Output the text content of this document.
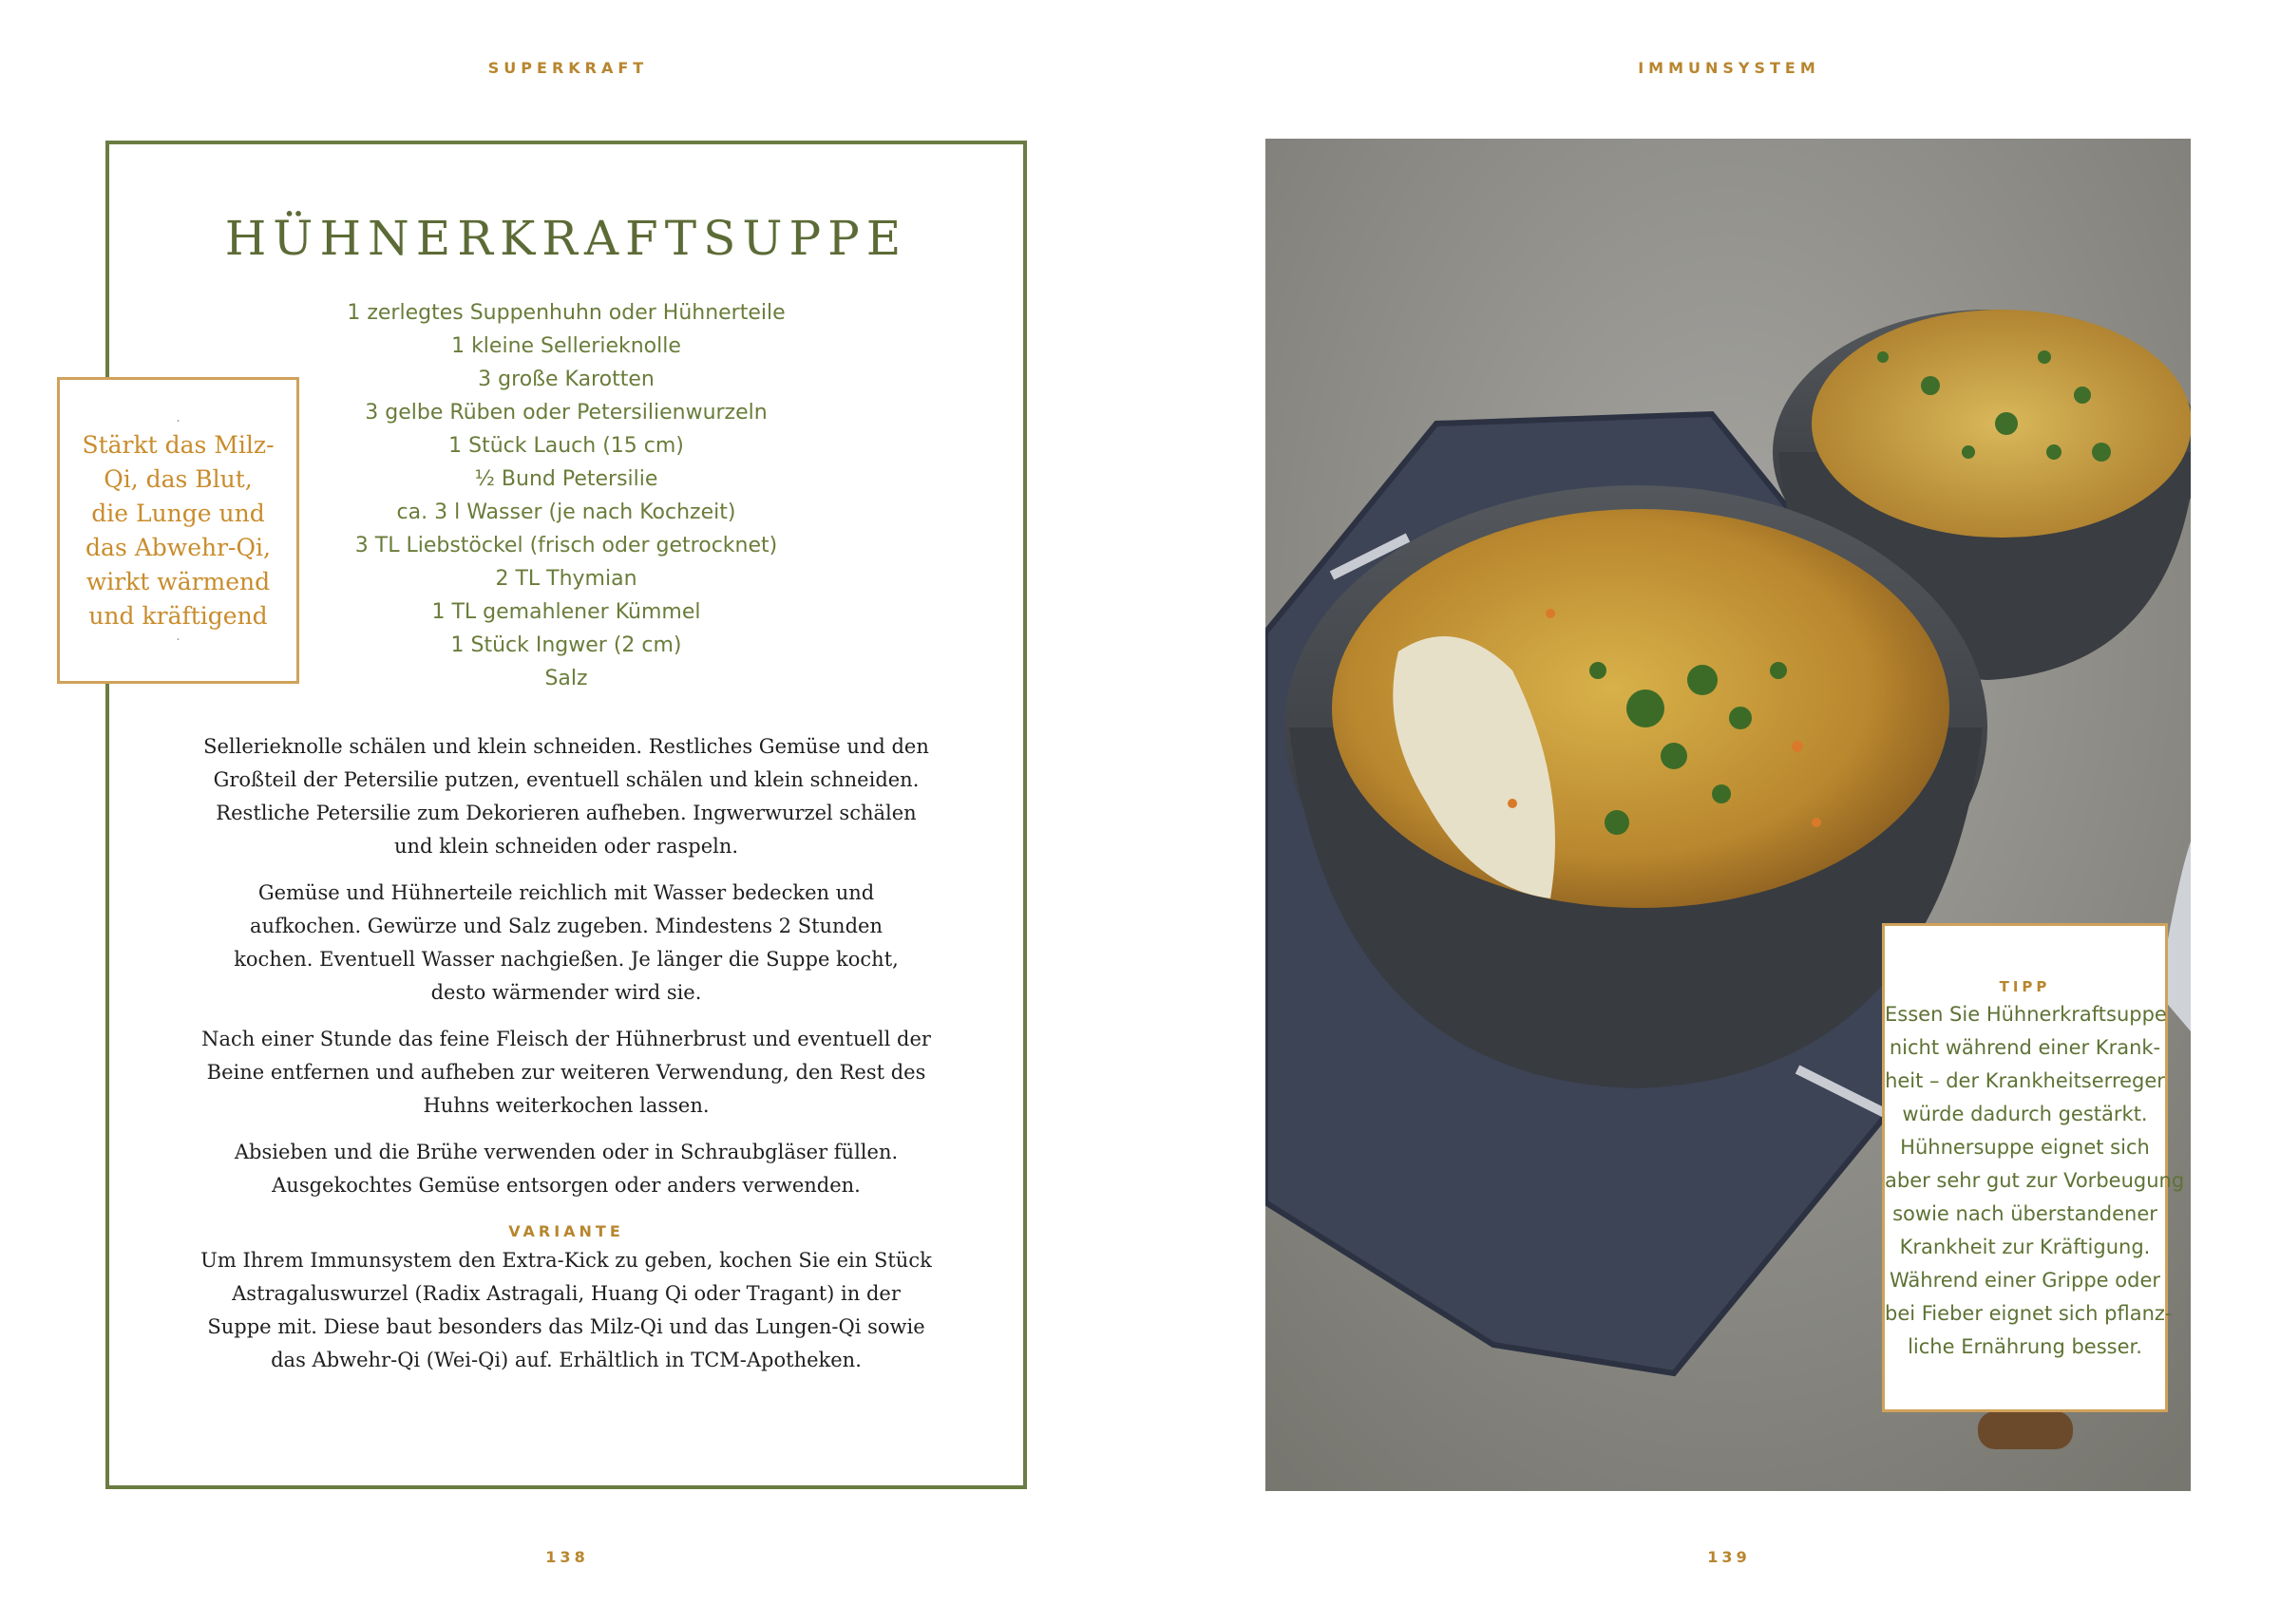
SUPERKRAFT
HÜHNERKRAFTSUPPE
1 zerlegtes Suppenhuhn oder Hühnerteile
1 kleine Sellerieknolle
3 große Karotten
3 gelbe Rüben oder Petersilienwurzeln
1 Stück Lauch (15 cm)
½ Bund Petersilie
ca. 3 l Wasser (je nach Kochzeit)
3 TL Liebstöckel (frisch oder getrocknet)
2 TL Thymian
1 TL gemahlener Kümmel
1 Stück Ingwer (2 cm)
Salz

Sellerieknolle schälen und klein schneiden. Restliches Gemüse und den
Großteil der Petersilie putzen, eventuell schälen und klein schneiden.
Restliche Petersilie zum Dekorieren aufheben. Ingwerwurzel schälen
und klein schneiden oder raspeln.

Gemüse und Hühnerteile reichlich mit Wasser bedecken und
aufkochen. Gewürze und Salz zugeben. Mindestens 2 Stunden
kochen. Eventuell Wasser nachgießen. Je länger die Suppe kocht,
desto wärmender wird sie.

Nach einer Stunde das feine Fleisch der Hühnerbrust und eventuell der
Beine entfernen und aufheben zur weiteren Verwendung, den Rest des
Huhns weiterkochen lassen.

Absieben und die Brühe verwenden oder in Schraubgläser füllen.
Ausgekochtes Gemüse entsorgen oder anders verwenden.

VARIANTE

Um Ihrem Immunsystem den Extra-Kick zu geben, kochen Sie ein Stück
Astragaluswurzel (Radix Astragali, Huang Qi oder Tragant) in der
Suppe mit. Diese baut besonders das Milz-Qi und das Lungen-Qi sowie
das Abwehr-Qi (Wei-Qi) auf. Erhältlich in TCM-Apotheken.

·
Stärkt das Milz-
Qi, das Blut,
die Lunge und
das Abwehr-Qi,
wirkt wärmend
und kräftigend
·
138
IMMUNSYSTEM
TIPP
Essen Sie Hühnerkraftsuppe
nicht während einer Krank-
heit – der Krankheitserreger
würde dadurch gestärkt.
Hühnersuppe eignet sich
aber sehr gut zur Vorbeugung
sowie nach überstandener
Krankheit zur Kräftigung.
Während einer Grippe oder
bei Fieber eignet sich pflanz-
liche Ernährung besser.
139
